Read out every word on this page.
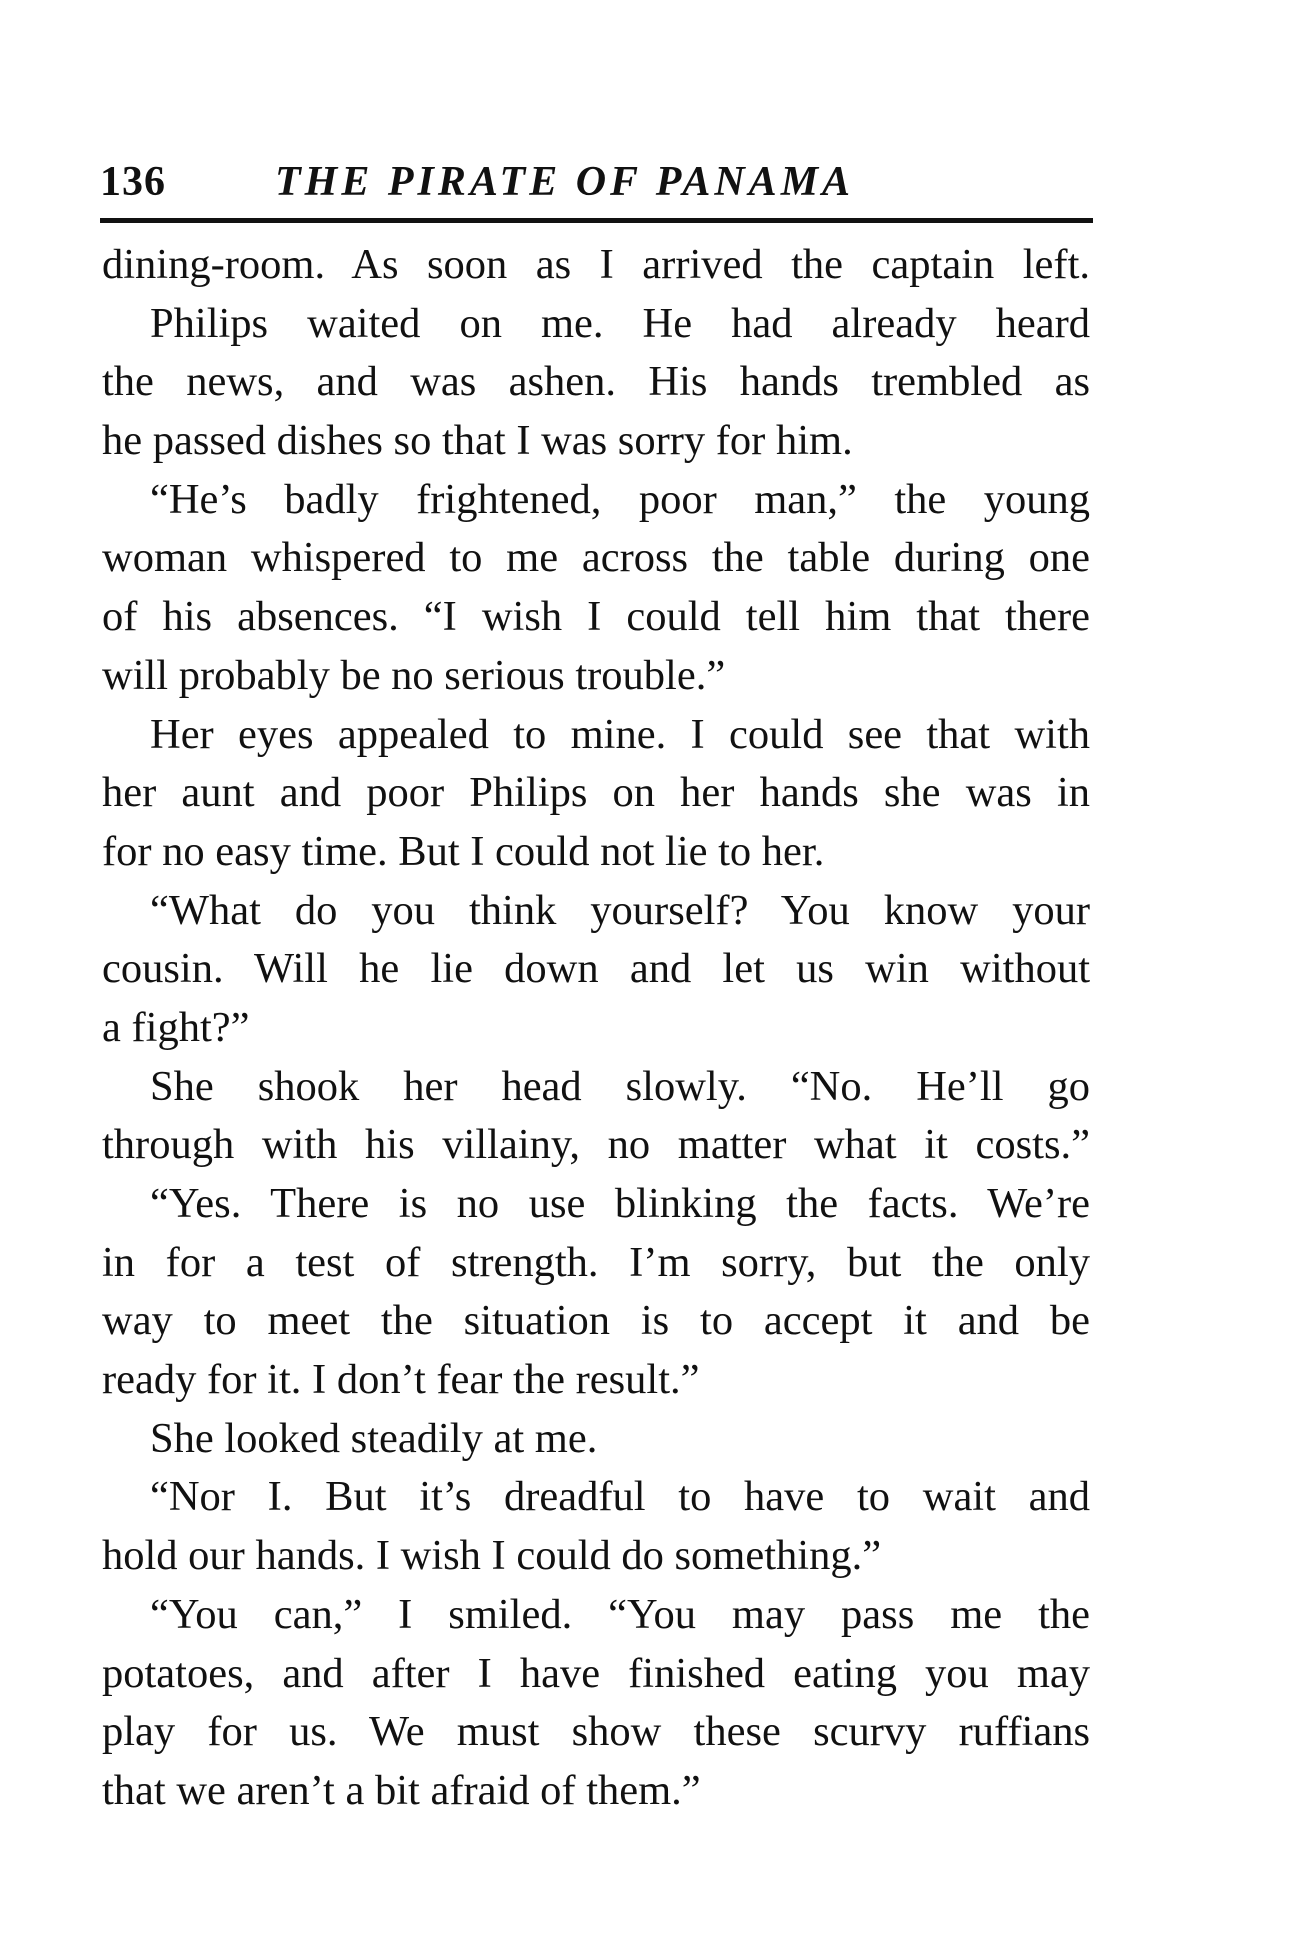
136	THE PIRATE OF PANAMA
dining-room. As soon as I arrived the captain left.
Philips waited on me. He had already heard
the news, and was ashen. His hands trembled as
he passed dishes so that I was sorry for him.
“He’s badly frightened, poor man,” the young
woman whispered to me across the table during one
of his absences. “I wish I could tell him that there
will probably be no serious trouble.”
Her eyes appealed to mine. I could see that with
her aunt and poor Philips on her hands she was in
for no easy time. But I could not lie to her.
“What do you think yourself? You know your
cousin. Will he lie down and let us win without
a fight?”
She shook her head slowly. “No. He’ll go
through with his villainy, no matter what it costs.”
“Yes. There is no use blinking the facts. We’re
in for a test of strength. I’m sorry, but the only
way to meet the situation is to accept it and be
ready for it. I don’t fear the result.”
She looked steadily at me.
“Nor I. But it’s dreadful to have to wait and
hold our hands. I wish I could do something.”
“You can,” I smiled. “You may pass me the
potatoes, and after I have finished eating you may
play for us. We must show these scurvy ruffians
that we aren’t a bit afraid of them.”
